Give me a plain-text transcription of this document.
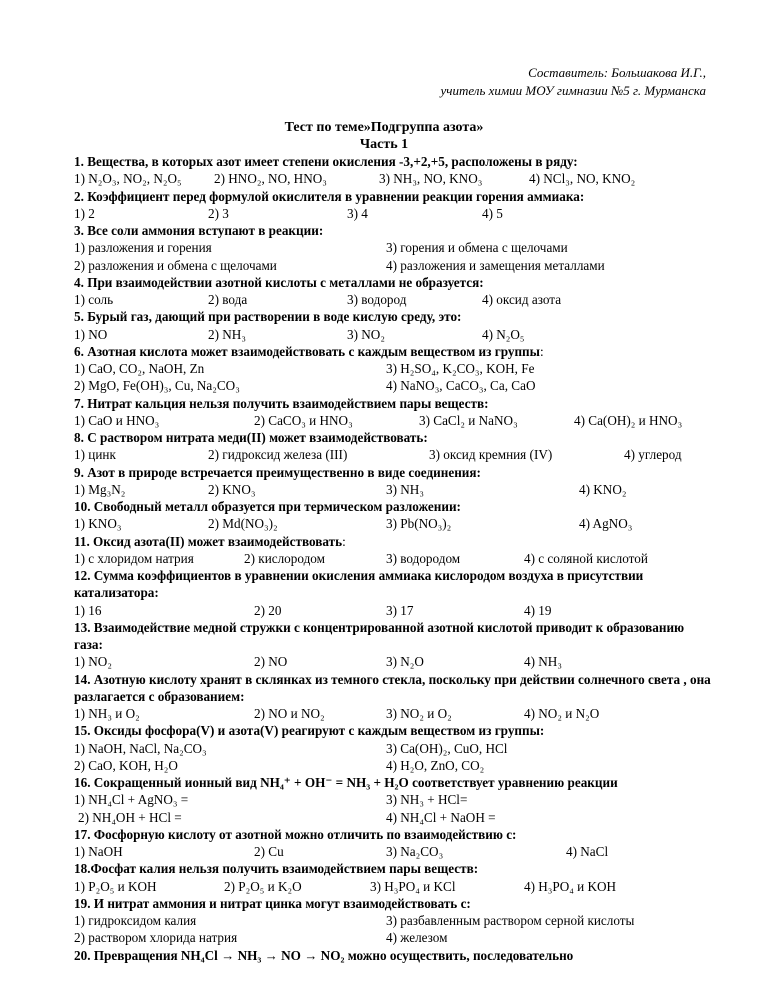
Составитель: Большакова И.Г.,
учитель химии МОУ гимназии №5 г. Мурманска
Тест по теме»Подгруппа азота»
Часть 1
1. Вещества, в которых азот имеет степени окисления -3,+2,+5, расположены в ряду:
1) N₂O₃, NO₂, N₂O₅ 2) HNO₂, NO, HNO₃	3) NH₃, NO, KNO₃	4) NCl₃, NO, KNO₂
2. Коэффициент перед формулой окислителя в уравнении реакции горения аммиака:
1) 2	2) 3	3) 4	4) 5
3. Все соли аммония вступают в реакции:
1) разложения и горения	3) горения и обмена с щелочами
2) разложения и обмена с щелочами	4) разложения и замещения металлами
4. При взаимодействии азотной кислоты с металлами не образуется:
1) соль	2) вода	3) водород	4) оксид азота
5. Бурый газ, дающий при растворении в воде кислую среду, это:
1) NO	2) NH₃	3) NO₂	4) N₂O₅
6. Азотная кислота может взаимодействовать с каждым веществом из группы:
1) CaO, CO₂, NaOH, Zn	3) H₂SO₄, K₂CO₃, KOH, Fe
2) MgO, Fe(OH)₃, Cu, Na₂CO₃	4) NaNO₃, CaCO₃, Ca, CaO
7. Нитрат кальция нельзя получить взаимодействием пары веществ:
1) CaO и HNO₃	2) CaCO₃ и HNO₃	3) CaCl₂ и NaNO₃	4) Ca(OH)₂ и HNO₃
8. С раствором нитрата меди(II) может взаимодействовать:
1) цинк	2) гидроксид железа (III)	3) оксид кремния (IV)	4) углерод
9. Азот в природе встречается преимущественно в виде соединения:
1) Mg₃N₂	2) KNO₃	3) NH₃	4) KNO₂
10. Свободный металл образуется при термическом разложении:
1) KNO₃	2) Md(NO₃)₂	3) Pb(NO₃)₂	4) AgNO₃
11. Оксид азота(II) может взаимодействовать:
1) с хлоридом натрия	2) кислородом	3) водородом	4) с соляной кислотой
12. Сумма коэффициентов в уравнении окисления аммиака кислородом воздуха в присутствии катализатора:
1) 16	2) 20	3) 17	4) 19
13. Взаимодействие медной стружки с концентрированной азотной кислотой приводит к образованию газа:
1) NO₂	2) NO	3) N₂O	4) NH₃
14. Азотную кислоту хранят в склянках из темного стекла, поскольку при действии солнечного света , она разлагается с образованием:
1) NH₃ и O₂	2) NO и NO₂	3) NO₂ и O₂	4) NO₂ и N₂O
15. Оксиды фосфора(V) и азота(V) реагируют с каждым веществом из группы:
1) NaOH, NaCl, Na₂CO₃	3) Ca(OH)₂, CuO, HCl
2) CaO, KOH, H₂O	4) H₂O, ZnO, CO₂
16. Сокращенный ионный вид NH₄⁺ + OH⁻ = NH₃ + H₂O соответствует уравнению реакции
1) NH₄Cl + AgNO₃ =	3) NH₃ + HCl=
2) NH₄OH + HCl =	4) NH₄Cl + NaOH =
17. Фосфорную кислоту от азотной можно отличить по взаимодействию с:
1) NaOH	2) Cu	3) Na₂CO₃	4) NaCl
18.Фосфат калия нельзя получить взаимодействием пары веществ:
1) P₂O₅ и KOH	2) P₂O₅ и K₂O	3) H₃PO₄ и KCl	4) H₃PO₄ и KOH
19. И нитрат аммония и нитрат цинка могут взаимодействовать с:
1) гидроксидом калия	3) разбавленным раствором серной кислоты
2) раствором хлорида натрия	4) железом
20. Превращения NH₄Cl → NH₃ → NO → NO₂ можно осуществить, последовательно
